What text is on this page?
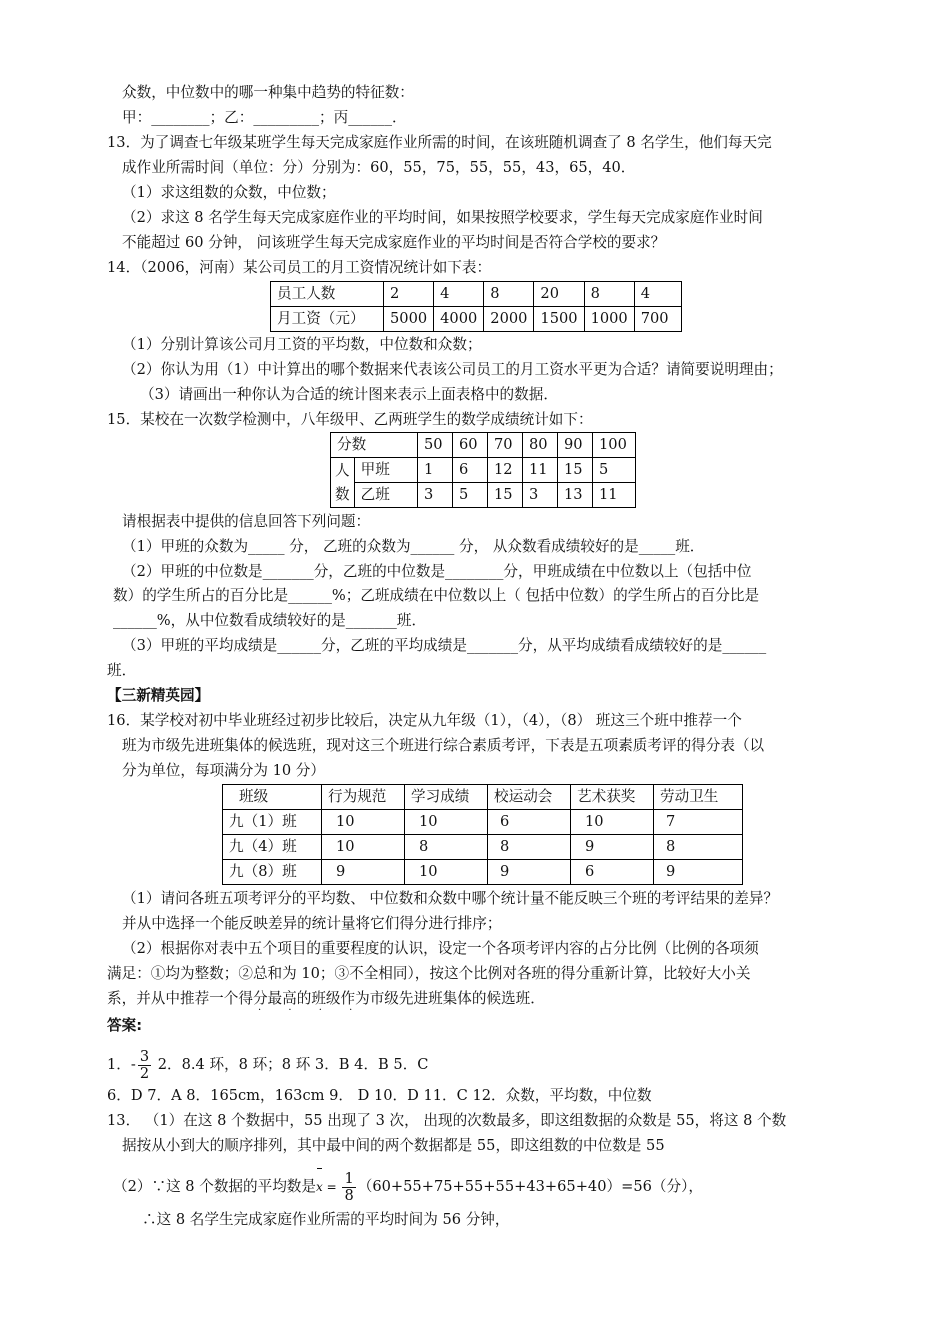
众数，中位数中的哪一种集中趋势的特征数：
甲：________；乙：_________；丙______．
13．为了调查七年级某班学生每天完成家庭作业所需的时间，在该班随机调查了 8 名学生，他们每天完
成作业所需时间（单位：分）分别为：60，55，75，55，55，43，65，40．
（1）求这组数的众数，中位数；
（2）求这 8 名学生每天完成家庭作业的平均时间，如果按照学校要求，学生每天完成家庭作业时间
不能超过 60 分钟， 问该班学生每天完成家庭作业的平均时间是否符合学校的要求？
14．（2006，河南）某公司员工的月工资情况统计如下表：
员工人数	2	4	8	20	8	4
月工资（元）	5000	4000	2000	1500	1000	700
（1）分别计算该公司月工资的平均数，中位数和众数；
（2）你认为用（1）中计算出的哪个数据来代表该公司员工的月工资水平更为合适？请简要说明理由；
（3）请画出一种你认为合适的统计图来表示上面表格中的数据．
15．某校在一次数学检测中，八年级甲、乙两班学生的数学成绩统计如下：
分数		50	60	70	80	90	100
人数	甲班	1	6	12	11	15	5
	乙班	3	5	15	3	13	11
请根据表中提供的信息回答下列问题：
（1）甲班的众数为_____ 分， 乙班的众数为______ 分， 从众数看成绩较好的是_____班．
（2）甲班的中位数是_______分，乙班的中位数是________分，甲班成绩在中位数以上（包括中位
数）的学生所占的百分比是______%；乙班成绩在中位数以上（ 包括中位数）的学生所占的百分比是
______%，从中位数看成绩较好的是_______班．
（3）甲班的平均成绩是______分，乙班的平均成绩是_______分，从平均成绩看成绩较好的是______
班．
【三新精英园】
16．某学校对初中毕业班经过初步比较后，决定从九年级（1），（4），（8） 班这三个班中推荐一个
班为市级先进班集体的候选班，现对这三个班进行综合素质考评，下表是五项素质考评的得分表（以
分为单位，每项满分为 10 分）
班级	行为规范	学习成绩	校运动会	艺术获奖	劳动卫生
九（1）班	10	10	6	10	7
九（4）班	10	8	8	9	8
九（8）班	9	10	9	6	9
（1）请问各班五项考评分的平均数、 中位数和众数中哪个统计量不能反映三个班的考评结果的差异？
并从中选择一个能反映差异的统计量将它们得分进行排序；
（2）根据你对表中五个项目的重要程度的认识，设定一个各项考评内容的占分比例（比例的各项须
满足：①均为整数；②总和为 10；③不全相同），按这个比例对各班的得分重新计算，比较好大小关
系，并从中推荐一个得分最高的班级作为市级先进班集体的候选班．
· · · ·
答案:
1．- $\frac{3}{2} 2$．8.4 环，8 环；8 环 3．B 4．B 5．C
6．D 7．A 8．165cm，163cm 9． D 10．D 11．C 12．众数，平均数，中位数
13． （1）在这 8 个数据中，55 出现了 3 次， 出现的次数最多，即这组数据的众数是 55，将这 8 个数
据按从小到大的顺序排列，其中最中间的两个数据都是 55，即这组数的中位数是 55
（2）∵这 8 个数据的平均数是$x = \frac{1}{8} (60+55+75+55+55+43+65+40)=56$（分），
∴这 8 名学生完成家庭作业所需的平均时间为 56 分钟，
